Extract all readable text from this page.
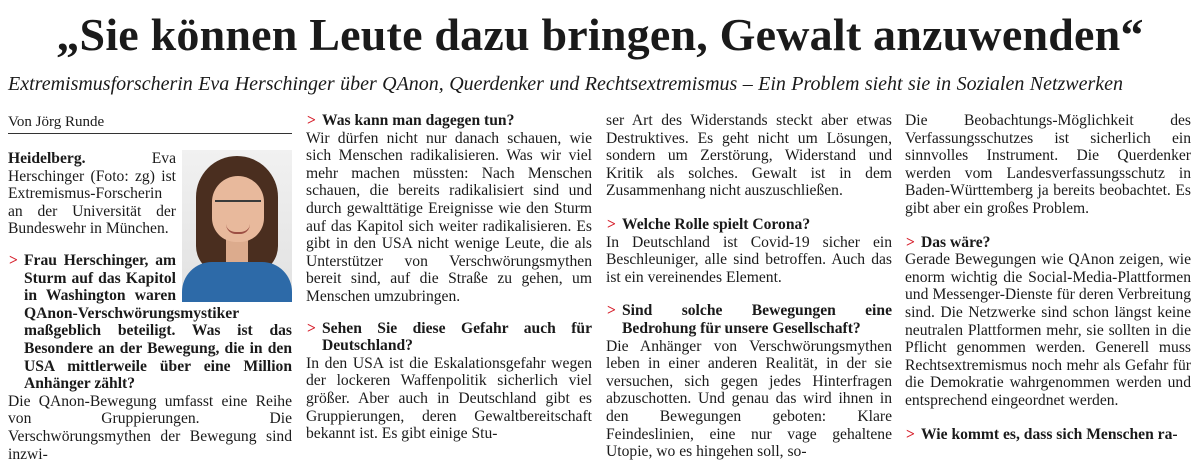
„Sie können Leute dazu bringen, Gewalt anzuwenden“
Extremismusforscherin Eva Herschinger über QAnon, Querdenker und Rechtsextremismus – Ein Problem sieht sie in Sozialen Netzwerken
Von Jörg Runde

Heidelberg. Eva Herschinger (Foto: zg) ist Extremismus-Forscherin an der Universität der Bundeswehr in München.

> Frau Herschinger, am Sturm auf das Kapitol in Washington waren QAnon-Verschwörungsmystiker maßgeblich beteiligt. Was ist das Besondere an der Bewegung, die in den USA mittlerweile über eine Million Anhänger zählt?

Die QAnon-Bewegung umfasst eine Reihe von Gruppierungen. Die Verschwörungsmythen der Bewegung sind inzwi-

> Was kann man dagegen tun?

Wir dürfen nicht nur danach schauen, wie sich Menschen radikalisieren. Was wir viel mehr machen müssten: Nach Menschen schauen, die bereits radikalisiert sind und durch gewalttätige Ereignisse wie den Sturm auf das Kapitol sich weiter radikalisieren. Es gibt in den USA nicht wenige Leute, die als Unterstützer von Verschwörungsmythen bereit sind, auf die Straße zu gehen, um Menschen umzubringen.

> Sehen Sie diese Gefahr auch für Deutschland?

In den USA ist die Eskalationsgefahr wegen der lockeren Waffenpolitik sicherlich viel größer. Aber auch in Deutschland gibt es Gruppierungen, deren Gewaltbereitschaft bekannt ist. Es gibt einige Stu-

ser Art des Widerstands steckt aber etwas Destruktives. Es geht nicht um Lösungen, sondern um Zerstörung, Widerstand und Kritik als solches. Gewalt ist in dem Zusammenhang nicht auszuschließen.

> Welche Rolle spielt Corona?

In Deutschland ist Covid-19 sicher ein Beschleuniger, alle sind betroffen. Auch das ist ein vereinendes Element.

> Sind solche Bewegungen eine Bedrohung für unsere Gesellschaft?

Die Anhänger von Verschwörungsmythen leben in einer anderen Realität, in der sie versuchen, sich gegen jedes Hinterfragen abzuschotten. Und genau das wird ihnen in den Bewegungen geboten: Klare Feindeslinien, eine nur vage gehaltene Utopie, wo es hingehen soll, so-

Die Beobachtungs-Möglichkeit des Verfassungsschutzes ist sicherlich ein sinnvolles Instrument. Die Querdenker werden vom Landesverfassungsschutz in Baden-Württemberg ja bereits beobachtet. Es gibt aber ein großes Problem.

> Das wäre?

Gerade Bewegungen wie QAnon zeigen, wie enorm wichtig die Social-Media-Plattformen und Messenger-Dienste für deren Verbreitung sind. Die Netzwerke sind schon längst keine neutralen Plattformen mehr, sie sollten in die Pflicht genommen werden. Generell muss Rechtsextremismus noch mehr als Gefahr für die Demokratie wahrgenommen werden und entsprechend eingeordnet werden.

> Wie kommt es, dass sich Menschen ra-
